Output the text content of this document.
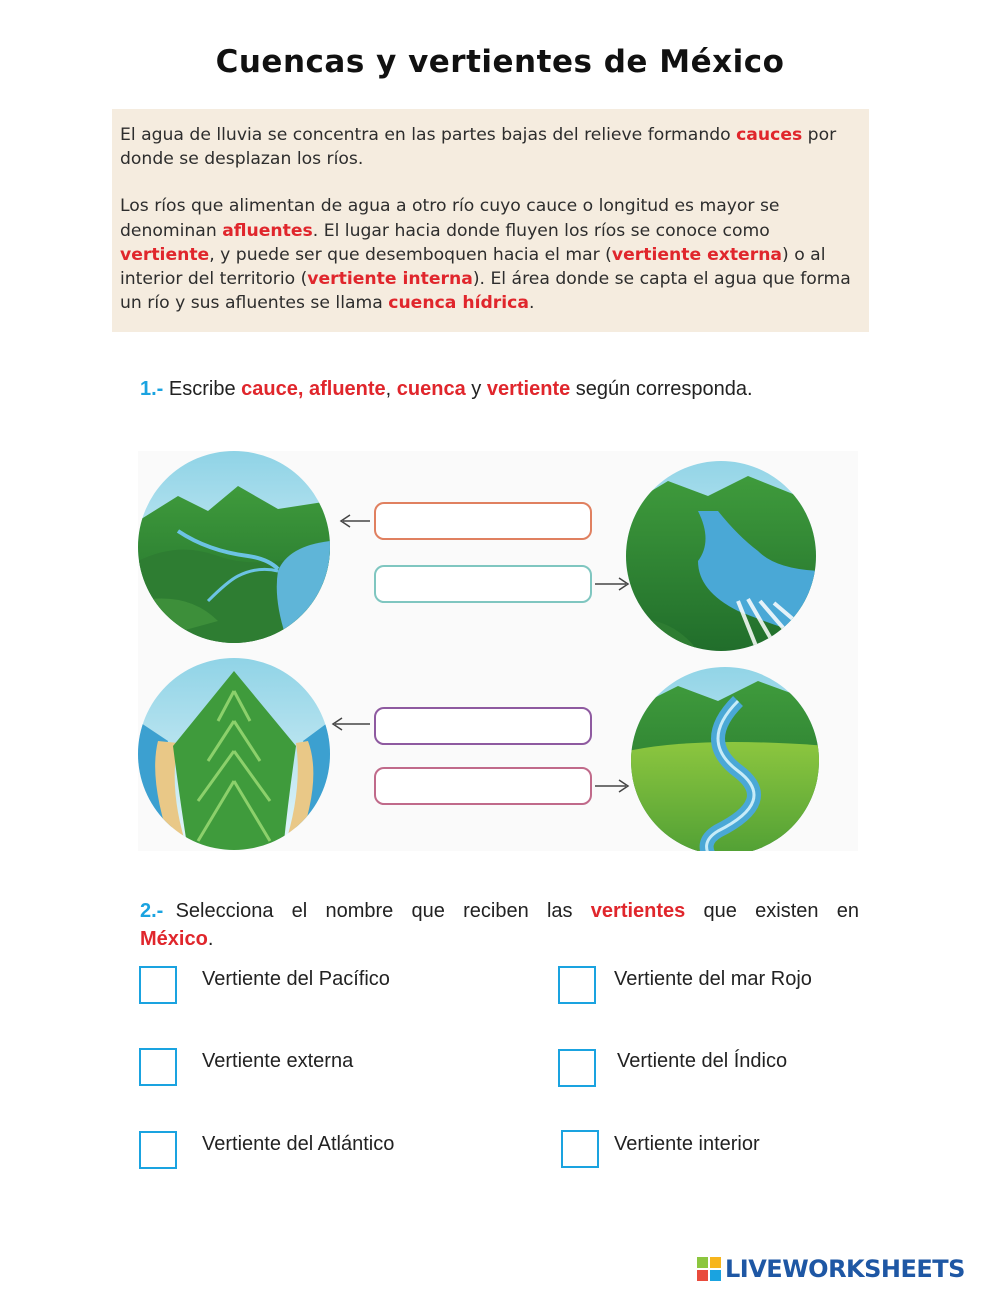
Cuencas y vertientes de México

El agua de lluvia se concentra en las partes bajas del relieve formando cauces por donde se desplazan los ríos.

Los ríos que alimentan de agua a otro río cuyo cauce o longitud es mayor se denominan afluentes. El lugar hacia donde fluyen los ríos se conoce como vertiente, y puede ser que desemboquen hacia el mar (vertiente externa) o al interior del territorio (vertiente interna). El área donde se capta el agua que forma un río y sus afluentes se llama cuenca hídrica.

1.- Escribe cauce, afluente, cuenca y vertiente según corresponda.
2.- Selecciona el nombre que reciben las vertientes que existen en México.
Vertiente del Pacífico	Vertiente del mar Rojo
Vertiente externa	Vertiente del Índico
Vertiente del Atlántico	Vertiente interior
LIVEWORKSHEETS
